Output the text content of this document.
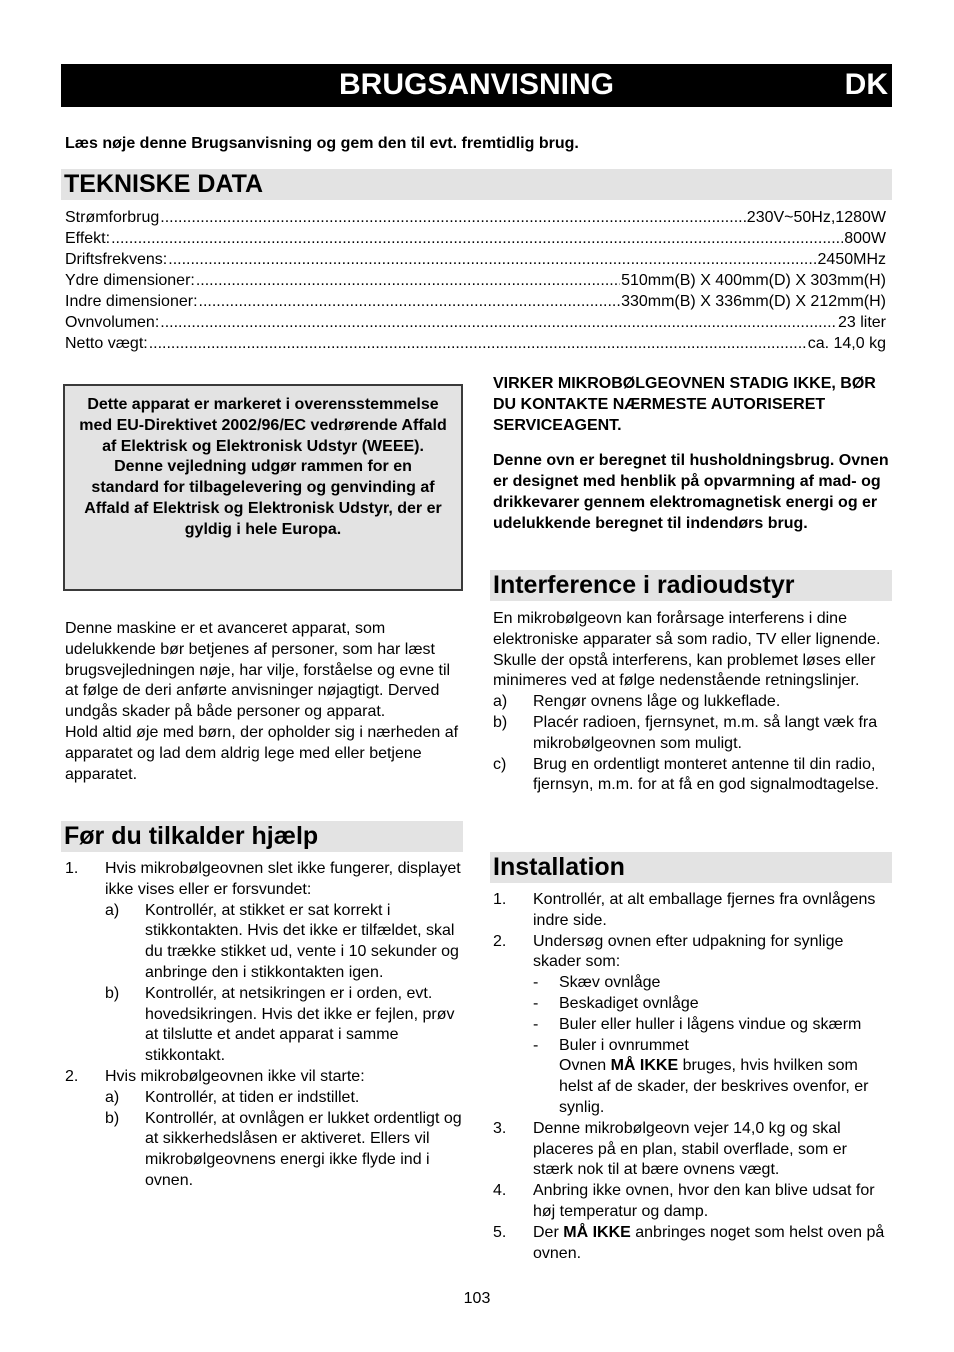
BRUGSANVISNING	DK
Læs nøje denne Brugsanvisning og gem den til evt. fremtidlig brug.
TEKNISKE DATA
Strømforbrug .....	230V~50Hz,1280W
Effekt: .....	800W
Driftsfrekvens: .....	2450MHz
Ydre dimensioner: .....	510mm(B) X 400mm(D) X 303mm(H)
Indre dimensioner: .....	330mm(B) X 336mm(D) X 212mm(H)
Ovnvolumen: .....	23 liter
Netto vægt: .....	ca. 14,0 kg
Dette apparat er markeret i overensstemmelse med EU-Direktivet 2002/96/EC vedrørende Affald af Elektrisk og Elektronisk Udstyr (WEEE).
Denne vejledning udgør rammen for en standard for tilbagelevering og genvinding af Affald af Elektrisk og Elektronisk Udstyr, der er gyldig i hele Europa.

Denne maskine er et avanceret apparat, som udelukkende bør betjenes af personer, som har læst brugsvejledningen nøje, har vilje, forståelse og evne til at følge de deri anførte anvisninger nøjagtigt. Derved undgås skader på både personer og apparat.

Hold altid øje med børn, der opholder sig i nærheden af apparatet og lad dem aldrig lege med eller betjene apparatet.

Før du tilkalder hjælp
1.	Hvis mikrobølgeovnen slet ikke fungerer, displayet ikke vises eller er forsvundet:
a)	Kontrollér, at stikket er sat korrekt i stikkontakten. Hvis det ikke er tilfældet, skal du trække stikket ud, vente i 10 sekunder og anbringe den i stikkontakten igen.
b)	Kontrollér, at netsikringen er i orden, evt. hovedsikringen. Hvis det ikke er fejlen, prøv at tilslutte et andet apparat i samme stikkontakt.
2.	Hvis mikrobølgeovnen ikke vil starte:
a)	Kontrollér, at tiden er indstillet.
b)	Kontrollér, at ovnlågen er lukket ordentligt og at sikkerhedslåsen er aktiveret. Ellers vil mikrobølgeovnens energi ikke flyde ind i ovnen.

VIRKER MIKROBØLGEOVNEN STADIG IKKE, BØR DU KONTAKTE NÆRMESTE AUTORISERET SERVICEAGENT.

Denne ovn er beregnet til husholdningsbrug. Ovnen er designet med henblik på opvarmning af mad- og drikkevarer gennem elektromagnetisk energi og er udelukkende beregnet til indendørs brug.

Interference i radioudstyr

En mikrobølgeovn kan forårsage interferens i dine elektroniske apparater så som radio, TV eller lignende. Skulle der opstå interferens, kan problemet løses eller minimeres ved at følge nedenstående retningslinjer.

a)	Rengør ovnens låge og lukkeflade.
b)	Placér radioen, fjernsynet, m.m. så langt væk fra mikrobølgeovnen som muligt.
c)	Brug en ordentligt monteret antenne til din radio, fjernsyn, m.m. for at få en god signalmodtagelse.
Installation
1.	Kontrollér, at alt emballage fjernes fra ovnlågens indre side.
2.	Undersøg ovnen efter udpakning for synlige skader som:
-	Skæv ovnlåge
-	Beskadiget ovnlåge
-	Buler eller huller i lågens vindue og skærm
-	Buler i ovnrummet
Ovnen MÅ IKKE bruges, hvis hvilken som helst af de skader, der beskrives ovenfor, er synlig.
3.	Denne mikrobølgeovn vejer 14,0 kg og skal placeres på en plan, stabil overflade, som er stærk nok til at bære ovnens vægt.
4.	Anbring ikke ovnen, hvor den kan blive udsat for høj temperatur og damp.
5.	Der MÅ IKKE anbringes noget som helst oven på ovnen.
103
